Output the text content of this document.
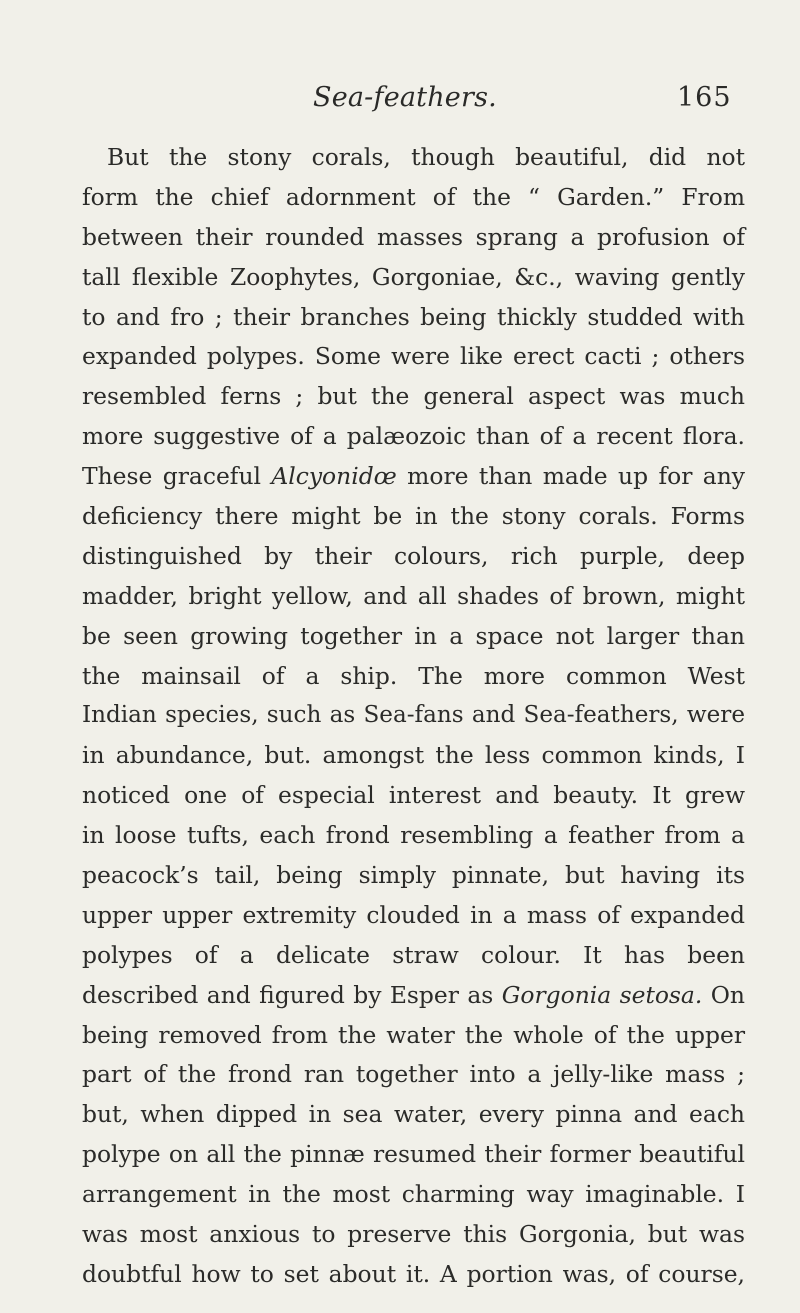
Sea-feathers.	165
But the stony corals, though beautiful, did not
form the chief adornment of the “ Garden.” From
between their rounded masses sprang a profusion of
tall flexible Zoophytes, Gorgoniae, &c., waving gently
to and fro ; their branches being thickly studded with
expanded polypes. Some were like erect cacti ; others
resembled ferns ; but the general aspect was much
more suggestive of a palæozoic than of a recent flora.
These graceful Alcyonidœ more than made up for any
deficiency there might be in the stony corals. Forms
distinguished by their colours, rich purple, deep
madder, bright yellow, and all shades of brown, might
be seen growing together in a space not larger than
the mainsail of a ship. The more common West
Indian species, such as Sea-fans and Sea-feathers, were
in abundance, but. amongst the less common kinds, I
noticed one of especial interest and beauty. It grew
in loose tufts, each frond resembling a feather from a
peacock’s tail, being simply pinnate, but having its
upper upper extremity clouded in a mass of expanded
polypes of a delicate straw colour. It has been
described and figured by Esper as Gorgonia setosa. On
being removed from the water the whole of the upper
part of the frond ran together into a jelly-like mass ;
but, when dipped in sea water, every pinna and each
polype on all the pinnæ resumed their former beautiful
arrangement in the most charming way imaginable. I
was most anxious to preserve this Gorgonia, but was
doubtful how to set about it. A portion was, of course,
